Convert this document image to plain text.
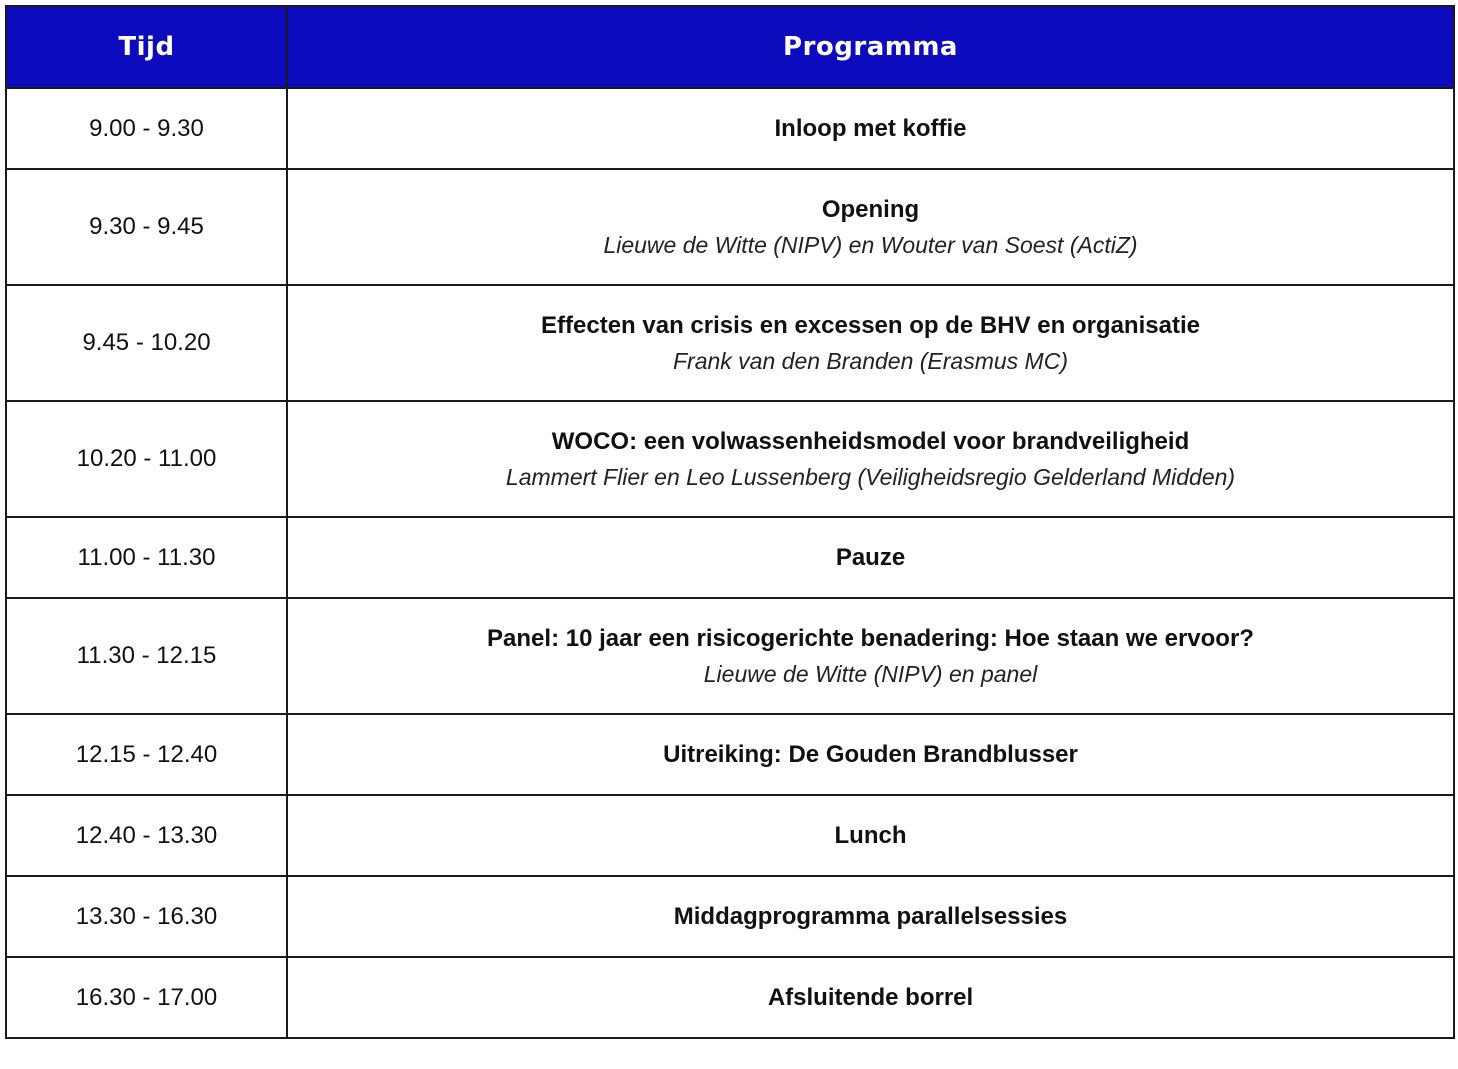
Tijd	Programma
9.00 - 9.30	Inloop met koffie

9.30 - 9.45	Opening
Lieuwe de Witte (NIPV) en Wouter van Soest (ActiZ)

9.45 - 10.20	Effecten van crisis en excessen op de BHV en organisatie
Frank van den Branden (Erasmus MC)

10.20 - 11.00	WOCO: een volwassenheidsmodel voor brandveiligheid
Lammert Flier en Leo Lussenberg (Veiligheidsregio Gelderland Midden)

11.00 - 11.30	Pauze

11.30 - 12.15	Panel: 10 jaar een risicogerichte benadering: Hoe staan we ervoor?
Lieuwe de Witte (NIPV) en panel

12.15 - 12.40	Uitreiking: De Gouden Brandblusser

12.40 - 13.30	Lunch

13.30 - 16.30	Middagprogramma parallelsessies

16.30 - 17.00	Afsluitende borrel
